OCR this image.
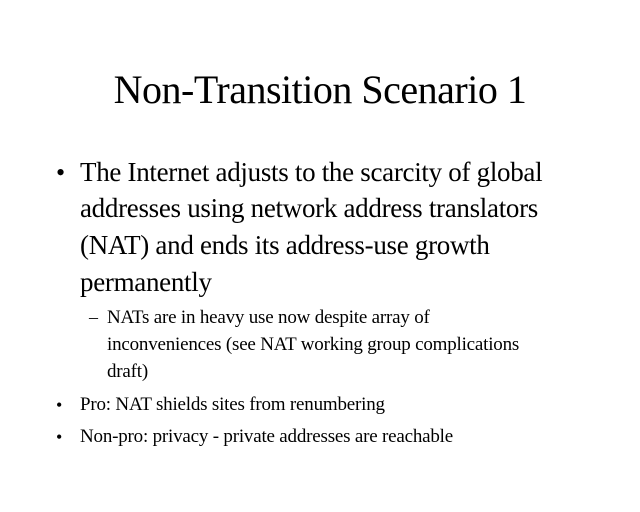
Non-Transition Scenario 1
• The Internet adjusts to the scarcity of global
addresses using network address translators
(NAT) and ends its address-use growth
permanently
– NATs are in heavy use now despite array of
inconveniences (see NAT working group complications
draft)
• Pro: NAT shields sites from renumbering
• Non-pro: privacy - private addresses are reachable
